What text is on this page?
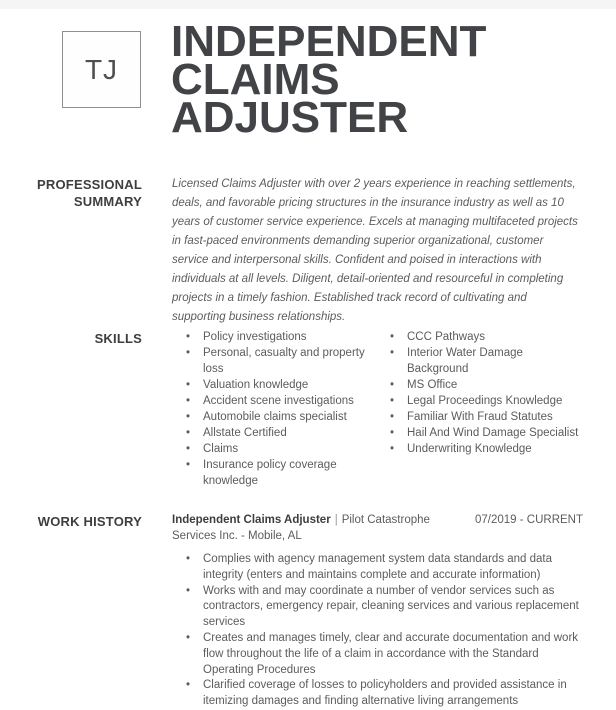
TJ
INDEPENDENT
CLAIMS
ADJUSTER
PROFESSIONAL
SUMMARY

Licensed Claims Adjuster with over 2 years experience in reaching settlements, deals, and favorable pricing structures in the insurance industry as well as 10 years of customer service experience. Excels at managing multifaceted projects in fast-paced environments demanding superior organizational, customer service and interpersonal skills. Confident and poised in interactions with individuals at all levels. Diligent, detail-oriented and resourceful in completing projects in a timely fashion. Established track record of cultivating and supporting business relationships.

SKILLS	• Policy investigations
• Personal, casualty and property loss
• Valuation knowledge
• Accident scene investigations
• Automobile claims specialist
• Allstate Certified
• Claims
• Insurance policy coverage knowledge
• CCC Pathways
• Interior Water Damage Background
• MS Office
• Legal Proceedings Knowledge
• Familiar With Fraud Statutes
• Hail And Wind Damage Specialist
• Underwriting Knowledge
WORK HISTORY	Independent Claims Adjuster | Pilot Catastrophe Services Inc. - Mobile, AL
07/2019 - CURRENT
• Complies with agency management system data standards and data integrity (enters and maintains complete and accurate information)
• Works with and may coordinate a number of vendor services such as contractors, emergency repair, cleaning services and various replacement services
• Creates and manages timely, clear and accurate documentation and work flow throughout the life of a claim in accordance with the Standard Operating Procedures
• Clarified coverage of losses to policyholders and provided assistance in itemizing damages and finding alternative living arrangements
